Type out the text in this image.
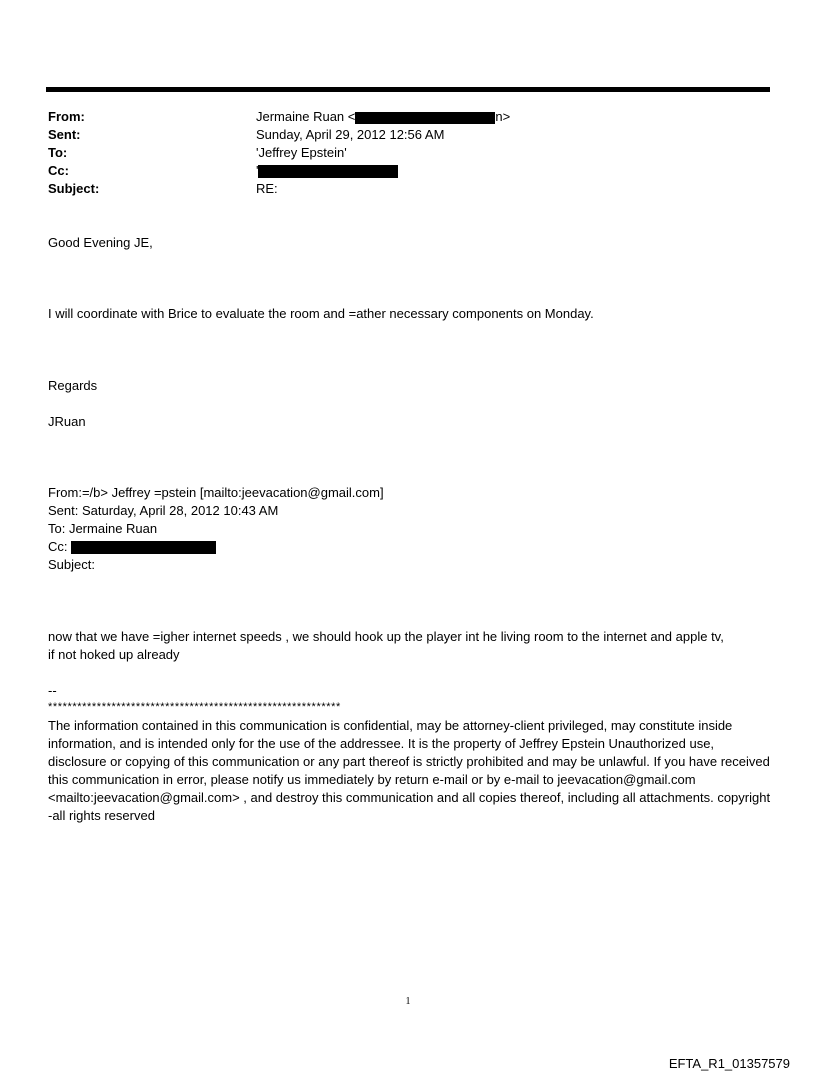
From:	Jermaine Ruan <	n>
Sent:	Sunday, April 29, 2012 12:56 AM
To:	'Jeffrey Epstein'
Cc:	'
Subject:	RE:
Good Evening JE,
I will coordinate with Brice to evaluate the room and =ather necessary components on Monday.
Regards
JRuan
From:=/b> Jeffrey =pstein [mailto:jeevacation@gmail.com]
Sent: Saturday, April 28, 2012 10:43 AM
To: Jermaine Ruan
Cc:
Subject:
now that we have =igher internet speeds , we should hook up the player int he living room to the internet and apple tv,
if not hoked up already
--
************************************************************
The information contained in this communication is confidential, may be attorney-client privileged, may constitute inside information, and is intended only for the use of the addressee. It is the property of Jeffrey Epstein Unauthorized use, disclosure or copying of this communication or any part thereof is strictly prohibited and may be unlawful. If you have received this communication in error, please notify us immediately by return e-mail or by e-mail to jeevacation@gmail.com <mailto:jeevacation@gmail.com> , and destroy this communication and all copies thereof, including all attachments. copyright -all rights reserved
1
EFTA_R1_01357579
